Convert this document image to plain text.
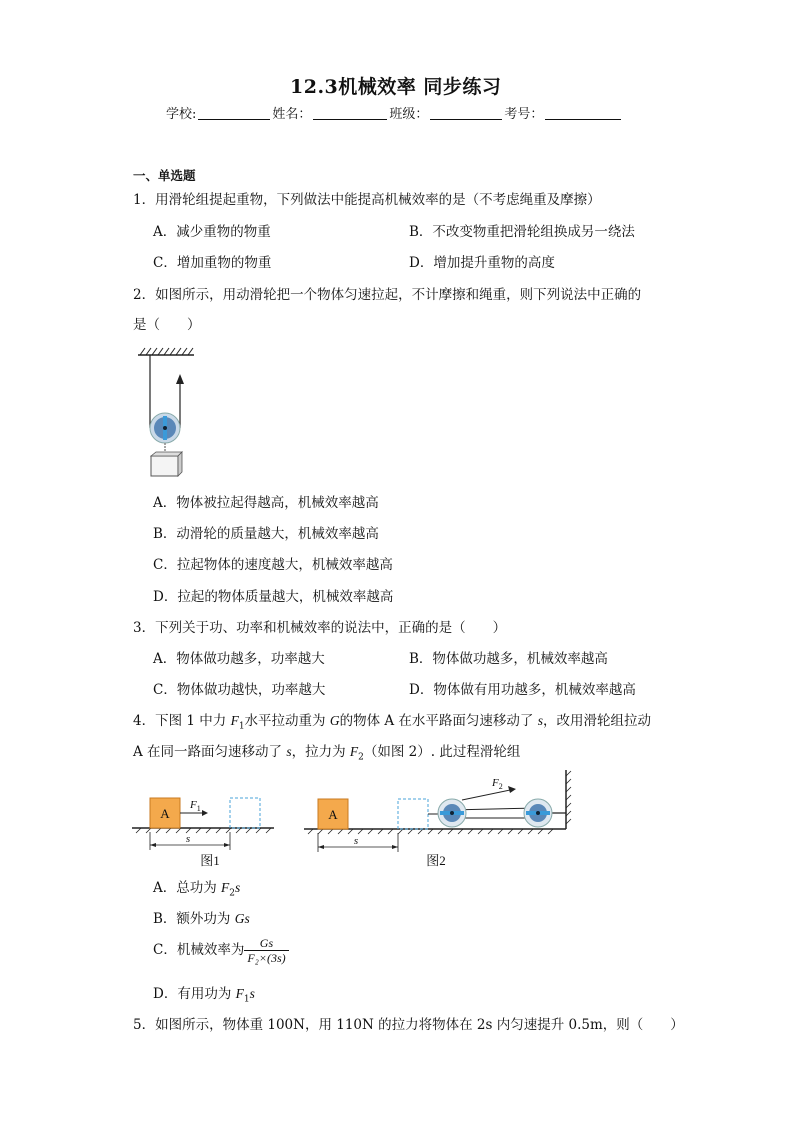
12.3机械效率 同步练习
学校:	姓名：	班级：	考号：
一、单选题
1．用滑轮组提起重物，下列做法中能提高机械效率的是（不考虑绳重及摩擦）
A．减少重物的物重	B．不改变物重把滑轮组换成另一绕法
C．增加重物的物重	D．增加提升重物的高度
2．如图所示，用动滑轮把一个物体匀速拉起，不计摩擦和绳重，则下列说法中正确的
是（　　）
A．物体被拉起得越高，机械效率越高
B．动滑轮的质量越大，机械效率越高
C．拉起物体的速度越大，机械效率越高
D．拉起的物体质量越大，机械效率越高
3．下列关于功、功率和机械效率的说法中，正确的是（　　）
A．物体做功越多，功率越大	B．物体做功越多，机械效率越高
C．物体做功越快，功率越大	D．物体做有用功越多，机械效率越高
4．下图 1 中力 $F_1$水平拉动重为 G的物体 A 在水平路面匀速移动了 s，改用滑轮组拉动
A 在同一路面匀速移动了 s，拉力为 $F_2$（如图 2）. 此过程滑轮组
A
$F_1$
s
图1
A
$F_2$
s
图2
A．总功为 $F_2s$
B．额外功为 Gs
C．机械效率为 $\frac{Gs}{\text{F₂×(3s)}}$
D．有用功为 $F_1s$
5．如图所示，物体重 100N，用 110N 的拉力将物体在 2s 内匀速提升 0.5m，则（　　）
